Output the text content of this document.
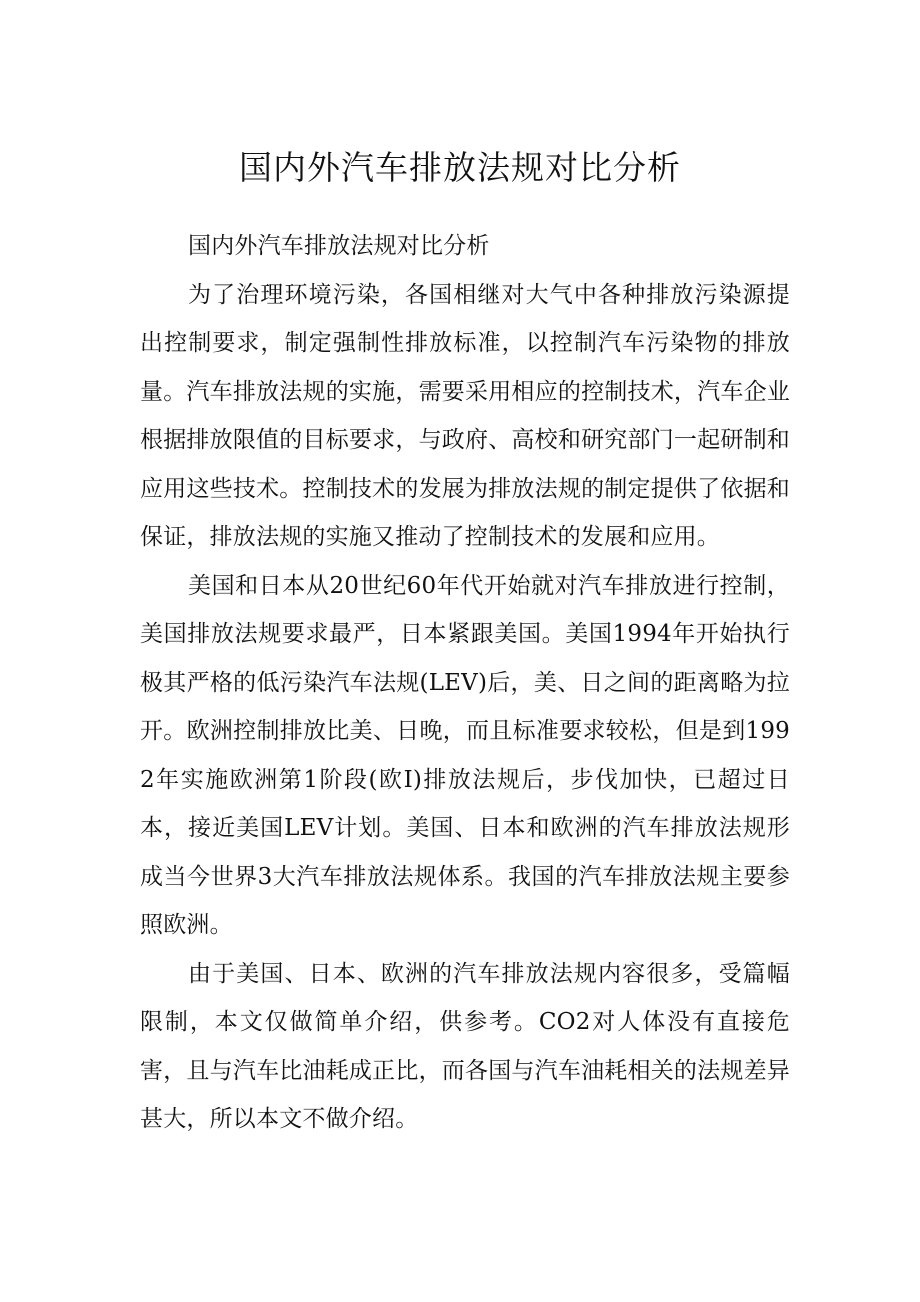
国内外汽车排放法规对比分析

国内外汽车排放法规对比分析

为了治理环境污染，各国相继对大气中各种排放污染源提出控制要求，制定强制性排放标准，以控制汽车污染物的排放量。汽车排放法规的实施，需要采用相应的控制技术，汽车企业根据排放限值的目标要求，与政府、高校和研究部门一起研制和应用这些技术。控制技术的发展为排放法规的制定提供了依据和保证，排放法规的实施又推动了控制技术的发展和应用。

美国和日本从20世纪60年代开始就对汽车排放进行控制，美国排放法规要求最严，日本紧跟美国。美国1994年开始执行极其严格的低污染汽车法规(LEV)后，美、日之间的距离略为拉开。欧洲控制排放比美、日晚，而且标准要求较松，但是到1992年实施欧洲第1阶段(欧I)排放法规后，步伐加快，已超过日本，接近美国LEV计划。美国、日本和欧洲的汽车排放法规形成当今世界3大汽车排放法规体系。我国的汽车排放法规主要参照欧洲。

由于美国、日本、欧洲的汽车排放法规内容很多，受篇幅限制，本文仅做简单介绍，供参考。CO2对人体没有直接危害，且与汽车比油耗成正比，而各国与汽车油耗相关的法规差异甚大，所以本文不做介绍。
